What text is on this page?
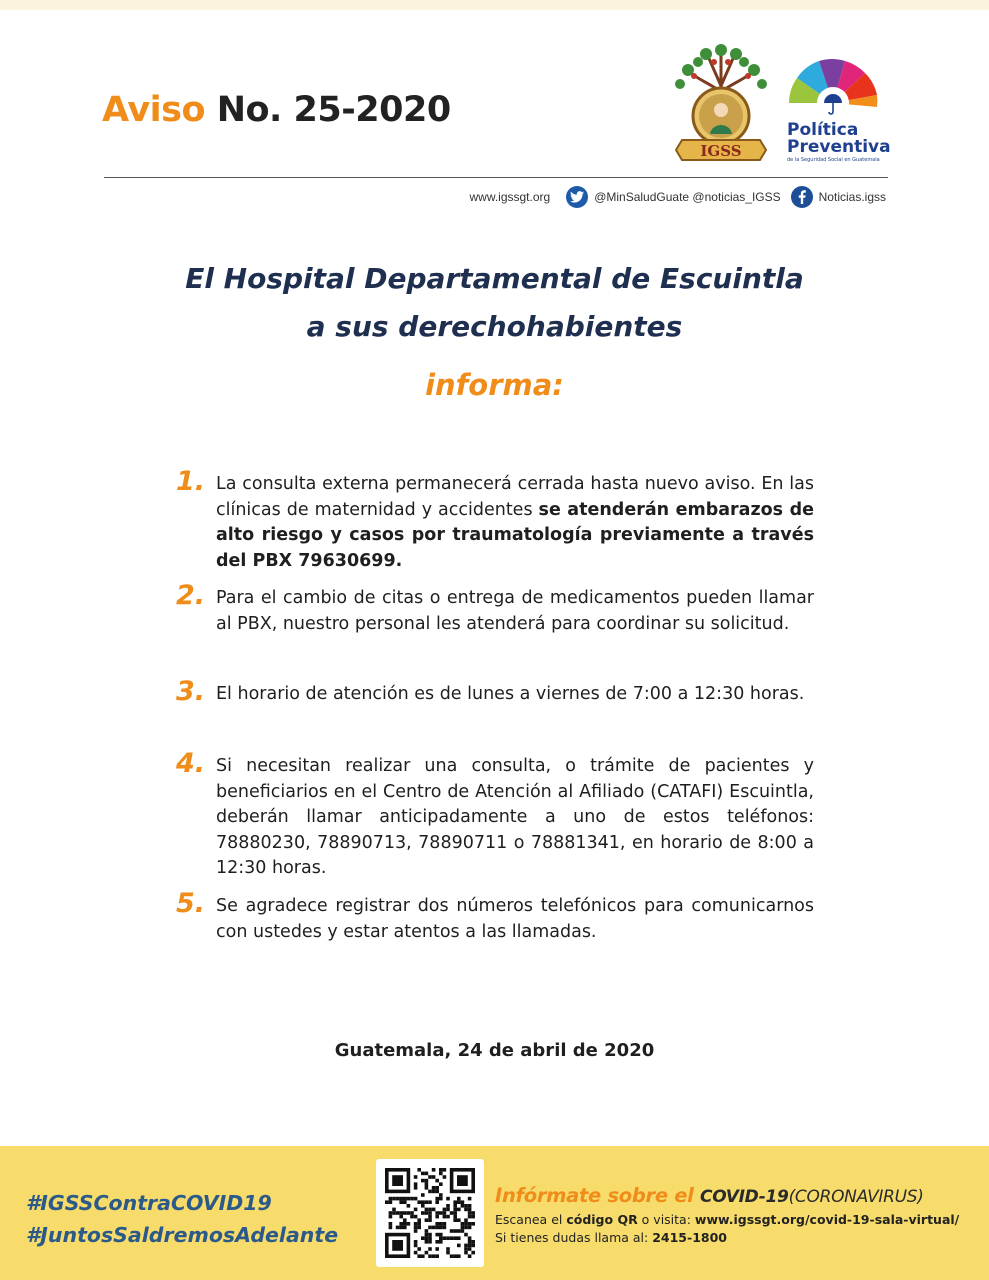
Aviso No. 25-2020
IGSS
Política
Preventiva
de la Seguridad Social en Guatemala
www.igssgt.org	@MinSaludGuate @noticias_IGSS	Noticias.igss
El Hospital Departamental de Escuintla
a sus derechohabientes
informa:
1. La consulta externa permanecerá cerrada hasta nuevo aviso. En las clínicas de maternidad y accidentes se atenderán embarazos de alto riesgo y casos por traumatología previamente a través del PBX 79630699.
2. Para el cambio de citas o entrega de medicamentos pueden llamar al PBX, nuestro personal les atenderá para coordinar su solicitud.
3. El horario de atención es de lunes a viernes de 7:00 a 12:30 horas.
4. Si necesitan realizar una consulta, o trámite de pacientes y beneficiarios en el Centro de Atención al Afiliado (CATAFI) Escuintla, deberán llamar anticipadamente a uno de estos teléfonos: 78880230, 78890713, 78890711 o 78881341, en horario de 8:00 a 12:30 horas.
5. Se agradece registrar dos números telefónicos para comunicarnos con ustedes y estar atentos a las llamadas.
Guatemala, 24 de abril de 2020
#IGSSContraCOVID19
#JuntosSaldremosAdelante
Infórmate sobre el COVID-19(CORONAVIRUS)
Escanea el código QR o visita: www.igssgt.org/covid-19-sala-virtual/
Si tienes dudas llama al: 2415-1800
